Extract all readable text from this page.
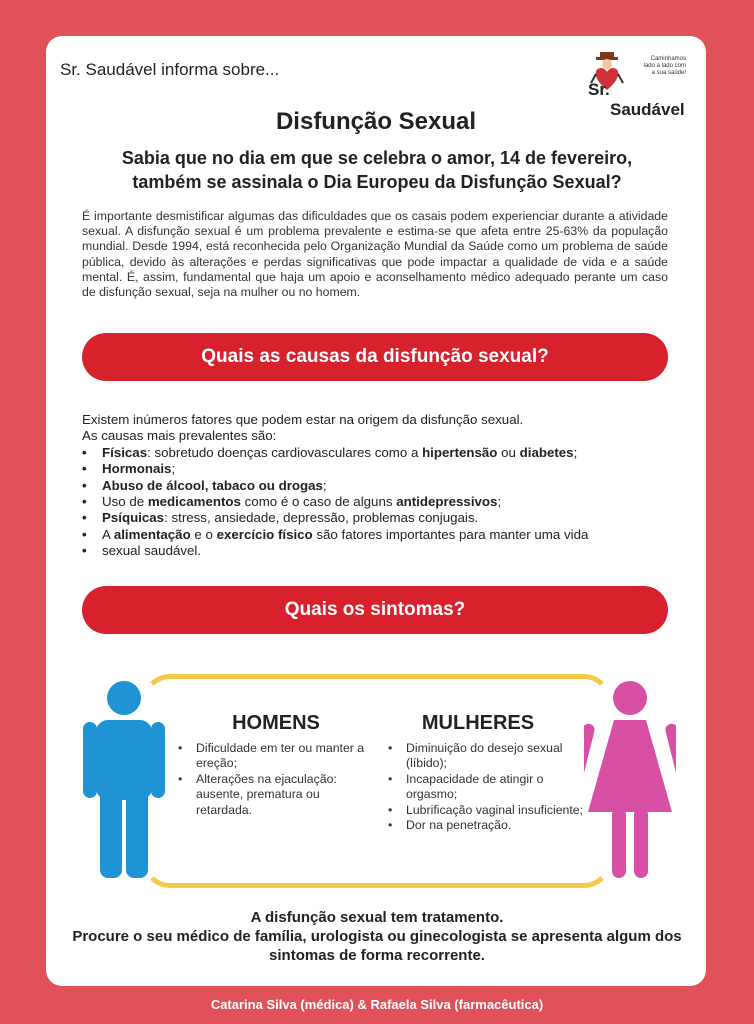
Sr. Saudável informa sobre...
Caminhamos lado a lado com a sua saúde!
Sr. Saudável
Disfunção Sexual
Sabia que no dia em que se celebra o amor, 14 de fevereiro, também se assinala o Dia Europeu da Disfunção Sexual?
É importante desmistificar algumas das dificuldades que os casais podem experienciar durante a atividade sexual. A disfunção sexual é um problema prevalente e estima-se que afeta entre 25-63% da população mundial. Desde 1994, está reconhecida pelo Organização Mundial da Saúde como um problema de saúde pública, devido às alterações e perdas significativas que pode impactar a qualidade de vida e a saúde mental. É, assim, fundamental que haja um apoio e aconselhamento médico adequado perante um caso de disfunção sexual, seja na mulher ou no homem.
Quais as causas da disfunção sexual?
Existem inúmeros fatores que podem estar na origem da disfunção sexual.
As causas mais prevalentes são:
• Físicas: sobretudo doenças cardiovasculares como a hipertensão ou diabetes;
• Hormonais;
• Abuso de álcool, tabaco ou drogas;
• Uso de medicamentos como é o caso de alguns antidepressivos;
• Psíquicas: stress, ansiedade, depressão, problemas conjugais.
• A alimentação e o exercício físico são fatores importantes para manter uma vida
• sexual saudável.
Quais os sintomas?
HOMENS	MULHERES
• Dificuldade em ter ou manter a ereção;
• Alterações na ejaculação: ausente, prematura ou retardada.
• Diminuição do desejo sexual (líbido);
• Incapacidade de atingir o orgasmo;
• Lubrificação vaginal insuficiente;
• Dor na penetração.
A disfunção sexual tem tratamento.
Procure o seu médico de família, urologista ou ginecologista se apresenta algum dos sintomas de forma recorrente.
Catarina Silva (médica) & Rafaela Silva (farmacêutica)
